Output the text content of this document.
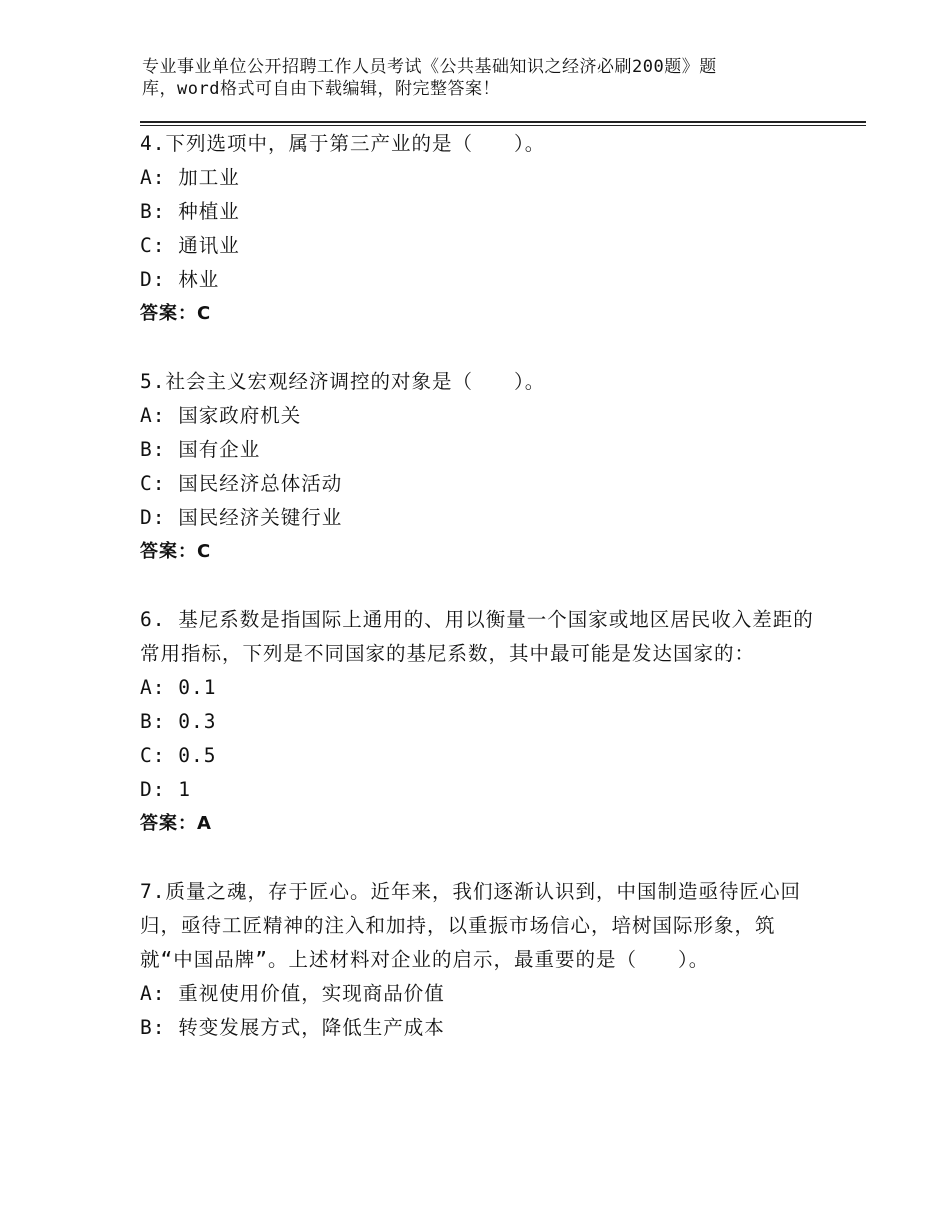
专业事业单位公开招聘工作人员考试《公共基础知识之经济必刷200题》题
库，word格式可自由下载编辑，附完整答案！

4.下列选项中，属于第三产业的是（　　）。

A: 加工业
B: 种植业
C: 通讯业
D: 林业
答案：C

5.社会主义宏观经济调控的对象是（　　）。

A: 国家政府机关
B: 国有企业
C: 国民经济总体活动
D: 国民经济关键行业
答案：C

6. 基尼系数是指国际上通用的、用以衡量一个国家或地区居民收入差距的常用指标，下列是不同国家的基尼系数，其中最可能是发达国家的：

A: 0.1
B: 0.3
C: 0.5
D: 1
答案：A

7.质量之魂，存于匠心。近年来，我们逐渐认识到，中国制造亟待匠心回归，亟待工匠精神的注入和加持，以重振市场信心，培树国际形象，筑就“中国品牌”。上述材料对企业的启示，最重要的是（　　）。

A: 重视使用价值，实现商品价值
B: 转变发展方式，降低生产成本
